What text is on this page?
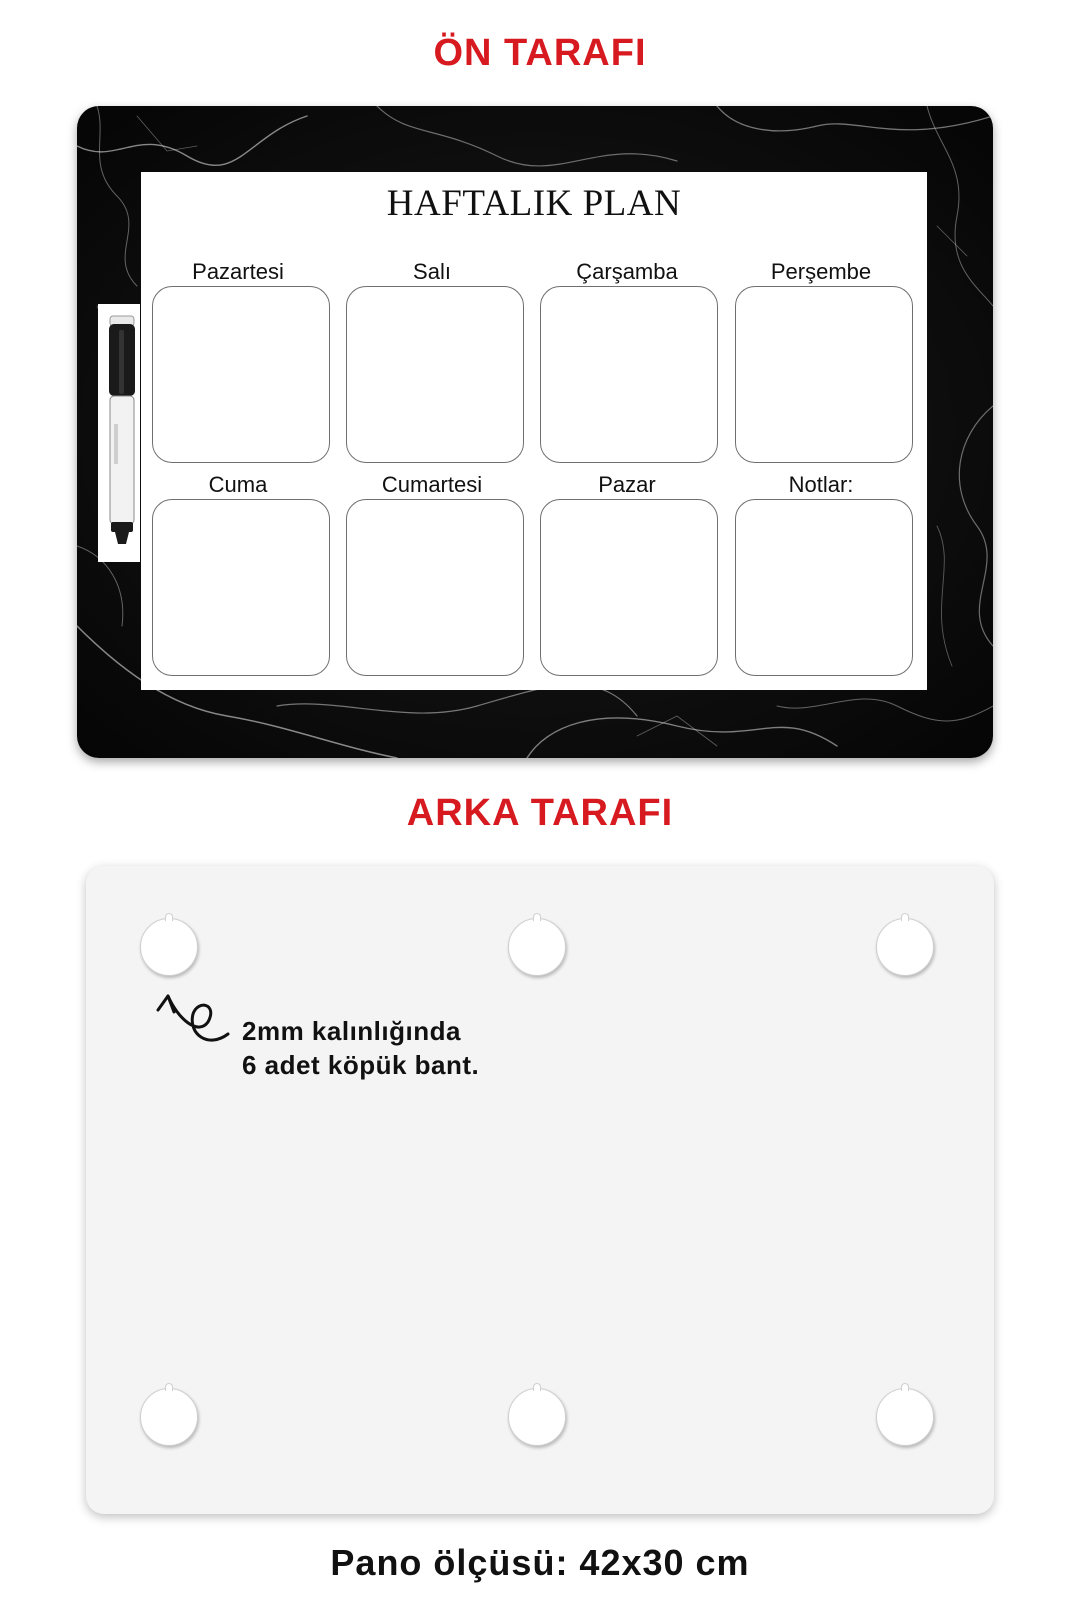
ÖN TARAFI
HAFTALIK PLAN
Pazartesi	Salı	Çarşamba	Perşembe
Cuma	Cumartesi	Pazar	Notlar:
ARKA TARAFI
2mm kalınlığında
6 adet köpük bant.
Pano ölçüsü: 42x30 cm
